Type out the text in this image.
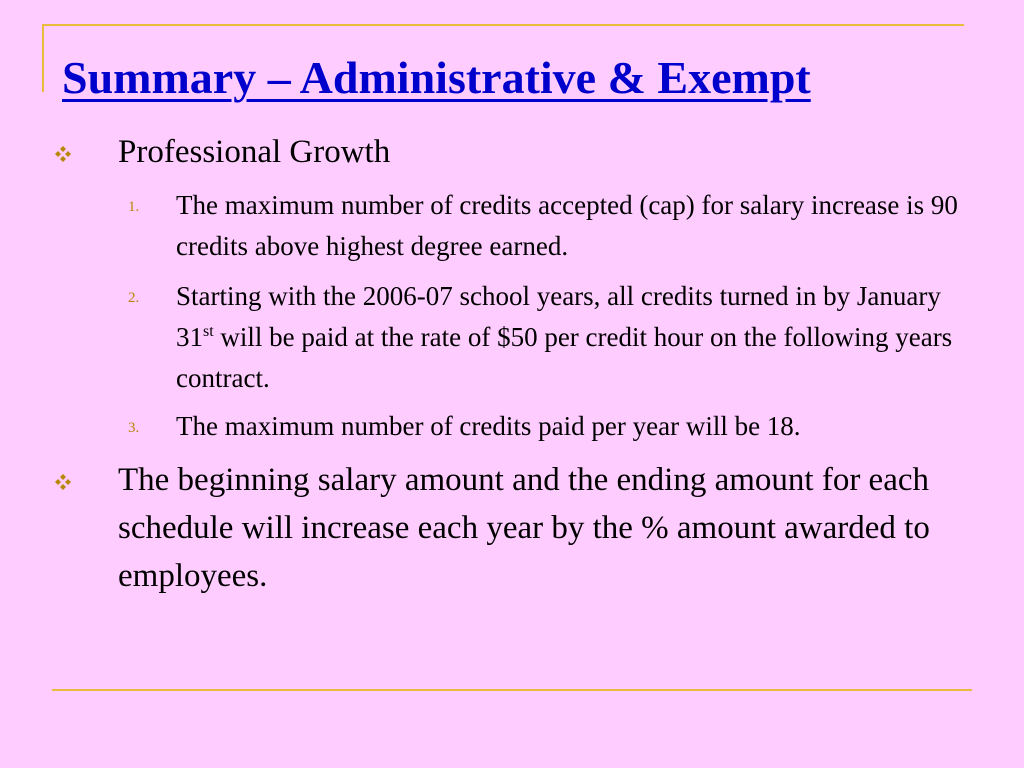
Summary – Administrative & Exempt
Professional Growth
1. The maximum number of credits accepted (cap) for salary increase is 90 credits above highest degree earned.
2. Starting with the 2006-07 school years, all credits turned in by January 31st will be paid at the rate of $50 per credit hour on the following years contract.
3. The maximum number of credits paid per year will be 18.
The beginning salary amount and the ending amount for each schedule will increase each year by the % amount awarded to employees.
